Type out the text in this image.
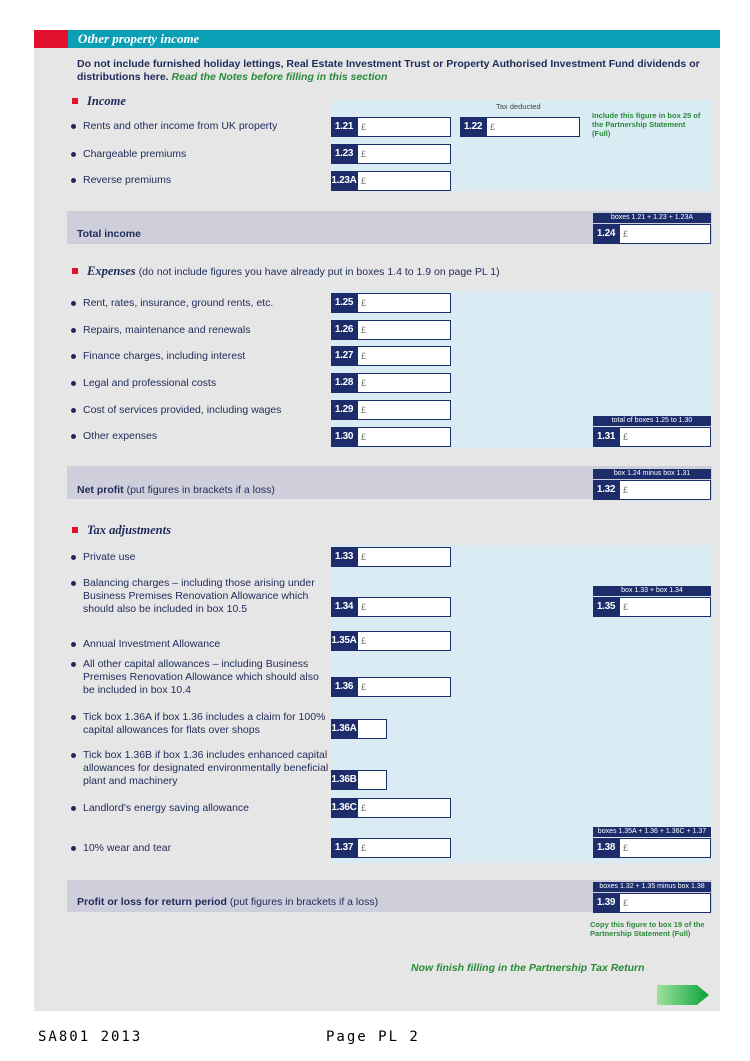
Other property income
Do not include furnished holiday lettings, Real Estate Investment Trust or Property Authorised Investment Fund dividends or distributions here. Read the Notes before filling in this section
Income	Tax deducted
Include this figure in box 25 of the Partnership Statement (Full)
Rents and other income from UK property	1.21 £	1.22 £
Chargeable premiums	1.23 £
Reverse premiums	1.23A £
Total income
boxes 1.21 + 1.23 + 1.23A
1.24 £
Expenses (do not include figures you have already put in boxes 1.4 to 1.9 on page PL 1)
Rent, rates, insurance, ground rents, etc.	1.25 £
Repairs, maintenance and renewals	1.26 £
Finance charges, including interest	1.27 £
Legal and professional costs	1.28 £
Cost of services provided, including wages	1.29 £
Other expenses	1.30 £
total of boxes 1.25 to 1.30
1.31 £
Net profit (put figures in brackets if a loss)
box 1.24 minus box 1.31
1.32 £
Tax adjustments
Private use	1.33 £
Balancing charges – including those arising under Business Premises Renovation Allowance which should also be included in box 10.5	1.34 £
box 1.33 + box 1.34
1.35 £
Annual Investment Allowance	1.35A £
All other capital allowances – including Business Premises Renovation Allowance which should also be included in box 10.4	1.36 £
Tick box 1.36A if box 1.36 includes a claim for 100% capital allowances for flats over shops	1.36A
Tick box 1.36B if box 1.36 includes enhanced capital allowances for designated environmentally beneficial plant and machinery	1.36B
Landlord's energy saving allowance	1.36C £
10% wear and tear	1.37 £
boxes 1.35A + 1.36 + 1.36C + 1.37
1.38 £
Profit or loss for return period (put figures in brackets if a loss)
boxes 1.32 + 1.35 minus box 1.38
1.39 £
Copy this figure to box 19 of the Partnership Statement (Full)
Now finish filling in the Partnership Tax Return
SA801 2013	Page PL 2
